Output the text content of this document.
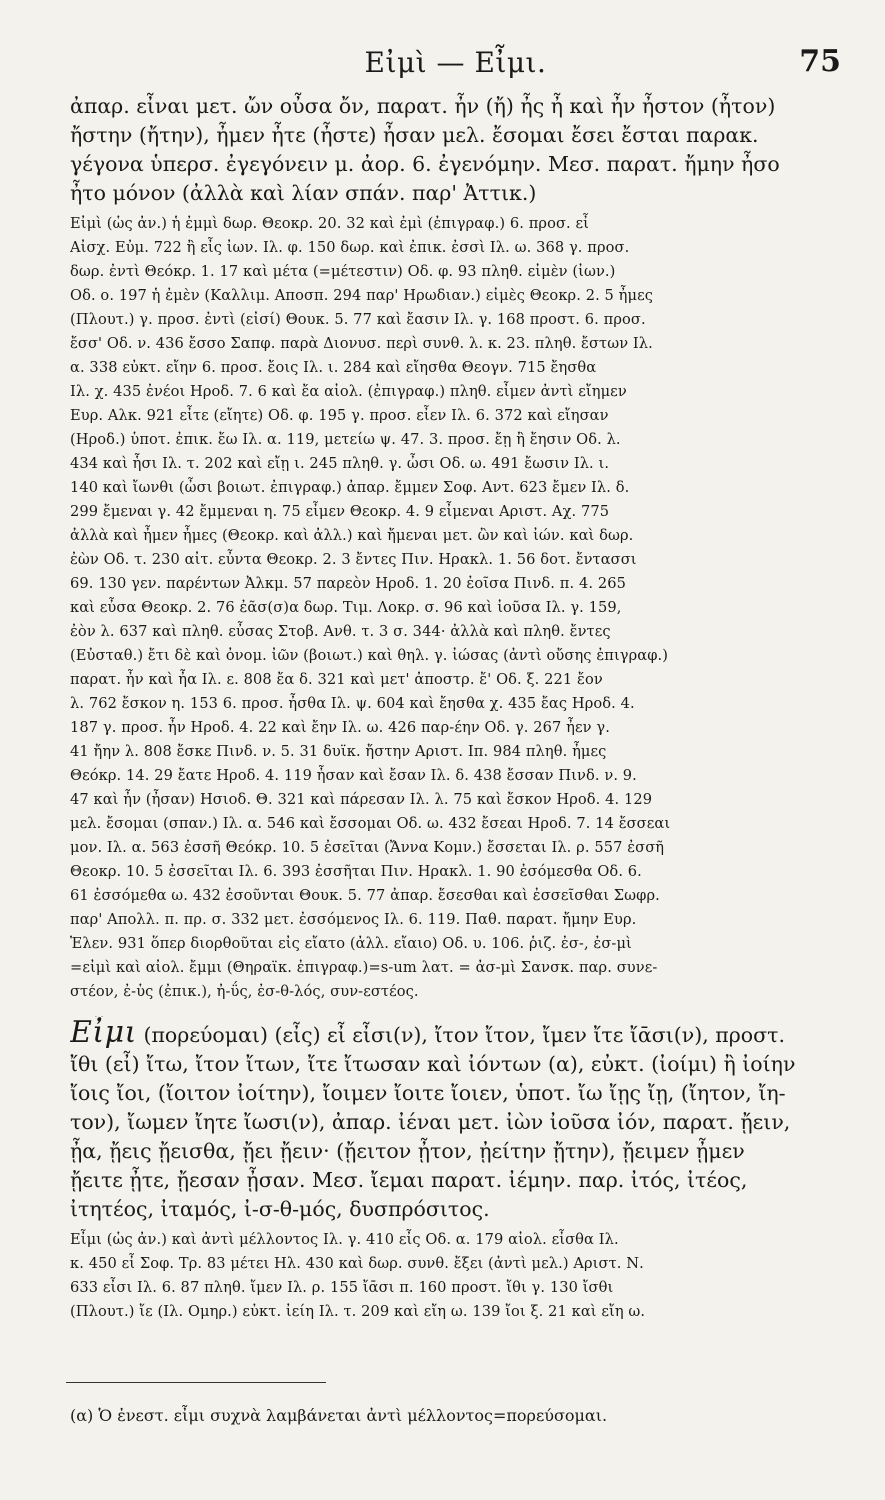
Εἰμὶ — Εἶμι.	75
ἀπαρ. εἶναι μετ. ὤν οὖσα ὄν, παρατ. ἦν (ἤ) ἦς ἦ καὶ ἦν ἦστον (ἦτον)
ἤστην (ἤτην), ἦμεν ἦτε (ἦστε) ἦσαν μελ. ἔσομαι ἔσει ἔσται παρακ.
γέγονα ὑπερσ. ἐγεγόνειν μ. ἀορ. 6. ἐγενόμην. Μεσ. παρατ. ἤμην ἦσο
ἦτο μόνον (ἀλλὰ καὶ λίαν σπάν. παρ' Ἀττικ.)
Εἰμὶ (ὡς ἀν.) ἡ ἐμμὶ δωρ. Θεοκρ. 20. 32 καὶ ἐμὶ (ἐπιγραφ.) 6. προσ. εἶ
Αἰσχ. Εὐμ. 722 ἢ εἶς ἰων. Ιλ. φ. 150 δωρ. καὶ ἐπικ. ἐσσὶ Ιλ. ω. 368 γ. προσ.
δωρ. ἐντὶ Θεόκρ. 1. 17 καὶ μέτα (=μέτεστιν) Οδ. φ. 93 πληθ. εἰμὲν (ἰων.)
Οδ. ο. 197 ἡ ἐμὲν (Καλλιμ. Αποσπ. 294 παρ' Ηρωδιαν.) εἰμὲς Θεοκρ. 2. 5 ἦμες
(Πλουτ.) γ. προσ. ἐντὶ (εἰσί) Θουκ. 5. 77 καὶ ἔασιν Ιλ. γ. 168 προστ. 6. προσ.
ἔσσ' Οδ. ν. 436 ἔσσο Σαπφ. παρὰ Διονυσ. περὶ συνθ. λ. κ. 23. πληθ. ἔστων Ιλ.
α. 338 εὐκτ. εἴην 6. προσ. ἔοις Ιλ. ι. 284 καὶ εἴησθα Θεογν. 715 ἔησθα
Ιλ. χ. 435 ἐνέοι Ηροδ. 7. 6 καὶ ἔα αἰολ. (ἐπιγραφ.) πληθ. εἶμεν ἀντὶ εἴημεν
Ευρ. Αλκ. 921 εἶτε (εἴητε) Οδ. φ. 195 γ. προσ. εἶεν Ιλ. 6. 372 καὶ εἴησαν
(Ηροδ.) ὑποτ. ἐπικ. ἔω Ιλ. α. 119, μετείω ψ. 47. 3. προσ. ἔῃ ἢ ἔησιν Οδ. λ.
434 καὶ ἧσι Ιλ. τ. 202 καὶ εἴῃ ι. 245 πληθ. γ. ὦσι Οδ. ω. 491 ἔωσιν Ιλ. ι.
140 καὶ ἴωνθι (ὦσι βοιωτ. ἐπιγραφ.) ἀπαρ. ἔμμεν Σοφ. Αντ. 623 ἔμεν Ιλ. δ.
299 ἔμεναι γ. 42 ἔμμεναι η. 75 εἶμεν Θεοκρ. 4. 9 εἶμεναι Αριστ. Αχ. 775
ἀλλὰ καὶ ἦμεν ἦμες (Θεοκρ. καὶ ἀλλ.) καὶ ἤμεναι μετ. ὢν καὶ ἰών. καὶ δωρ.
ἐὼν Οδ. τ. 230 αἰτ. εὖντα Θεοκρ. 2. 3 ἔντες Πιν. Ηρακλ. 1. 56 δοτ. ἔντασσι
69. 130 γεν. παρέντων Ἀλκμ. 57 παρεὸν Ηροδ. 1. 20 ἐοῖσα Πινδ. π. 4. 265
καὶ εὖσα Θεοκρ. 2. 76 ἐᾶσ(σ)α δωρ. Τιμ. Λοκρ. σ. 96 καὶ ἰοῦσα Ιλ. γ. 159,
ἐὸν λ. 637 καὶ πληθ. εὖσας Στοβ. Ανθ. τ. 3 σ. 344· ἀλλὰ καὶ πληθ. ἔντες
(Εὐσταθ.) ἔτι δὲ καὶ ὀνομ. ἰῶν (βοιωτ.) καὶ θηλ. γ. ἰώσας (ἀντὶ οὔσης ἐπιγραφ.)
παρατ. ἦν καὶ ἦα Ιλ. ε. 808 ἔα δ. 321 καὶ μετ' ἀποστρ. ἔ' Οδ. ξ. 221 ἔον
λ. 762 ἔσκον η. 153 6. προσ. ἦσθα Ιλ. ψ. 604 καὶ ἔησθα χ. 435 ἔας Ηροδ. 4.
187 γ. προσ. ἦν Ηροδ. 4. 22 καὶ ἔην Ιλ. ω. 426 παρ-έην Οδ. γ. 267 ἦεν γ.
41 ἤην λ. 808 ἔσκε Πινδ. ν. 5. 31 δυϊκ. ἤστην Αριστ. Ιπ. 984 πληθ. ἦμες
Θεόκρ. 14. 29 ἔατε Ηροδ. 4. 119 ἦσαν καὶ ἔσαν Ιλ. δ. 438 ἔσσαν Πινδ. ν. 9.
47 καὶ ἦν (ἦσαν) Ησιοδ. Θ. 321 καὶ πάρεσαν Ιλ. λ. 75 καὶ ἔσκον Ηροδ. 4. 129
μελ. ἔσομαι (σπαν.) Ιλ. α. 546 καὶ ἔσσομαι Οδ. ω. 432 ἔσεαι Ηροδ. 7. 14 ἔσσεαι
μον. Ιλ. α. 563 ἐσσῆ Θεόκρ. 10. 5 ἐσεῖται (Ἄννα Κομν.) ἔσσεται Ιλ. ρ. 557 ἐσσῆ
Θεοκρ. 10. 5 ἐσσεῖται Ιλ. 6. 393 ἐσσῆται Πιν. Ηρακλ. 1. 90 ἐσόμεσθα Οδ. 6.
61 ἐσσόμεθα ω. 432 ἐσοῦνται Θουκ. 5. 77 ἀπαρ. ἔσεσθαι καὶ ἐσσεῖσθαι Σωφρ.
παρ' Απολλ. π. πρ. σ. 332 μετ. ἐσσόμενος Ιλ. 6. 119. Παθ. παρατ. ἤμην Ευρ.
Ἑλεν. 931 ὅπερ διορθοῦται εἰς εἴατο (ἀλλ. εἴαιο) Οδ. υ. 106. ῥιζ. ἐσ-, ἐσ-μὶ
=εἰμὶ καὶ αἰολ. ἔμμι (Θηραϊκ. ἐπιγραφ.)=s-um λατ. = ἀσ-μὶ Σανσκ. παρ. συνε-
στέον, ἐ-ὑς (ἐπικ.), ἠ-ΰς, ἐσ-θ-λός, συν-εστέος.
Εἶμι (πορεύομαι) (εἶς) εἶ εἶσι(ν), ἴτον ἴτον, ἴμεν ἴτε ἴᾱσι(ν), προστ.
ἴθι (εἶ) ἴτω, ἴτον ἴτων, ἴτε ἴτωσαν καὶ ἰόντων (α), εὐκτ. (ἰοίμι) ἢ ἰοίην
ἴοις ἴοι, (ἴοιτον ἰοίτην), ἴοιμεν ἴοιτε ἴοιεν, ὑποτ. ἴω ἴῃς ἴῃ, (ἴητον, ἴη-
τον), ἴωμεν ἴητε ἴωσι(ν), ἀπαρ. ἰέναι μετ. ἰὼν ἰοῦσα ἰόν, παρατ. ᾔειν,
ᾖα, ᾔεις ᾔεισθα, ᾔει ᾔειν· (ᾔειτον ᾖτον, ᾐείτην ᾔτην), ᾔειμεν ᾖμεν
ᾔειτε ᾖτε, ᾔεσαν ᾖσαν. Μεσ. ἴεμαι παρατ. ἰέμην. παρ. ἰτός, ἰτέος,
ἰτητέος, ἰταμός, ἰ-σ-θ-μός, δυσπρόσιτος.
Εἶμι (ὡς ἀν.) καὶ ἀντὶ μέλλοντος Ιλ. γ. 410 εἶς Οδ. α. 179 αἰολ. εἶσθα Ιλ.
κ. 450 εἶ Σοφ. Τρ. 83 μέτει Ηλ. 430 καὶ δωρ. συνθ. ἔξει (ἀντὶ μελ.) Αριστ. Ν.
633 εἶσι Ιλ. 6. 87 πληθ. ἴμεν Ιλ. ρ. 155 ἴᾱσι π. 160 προστ. ἴθι γ. 130 ἴσθι
(Πλουτ.) ἴε (Ιλ. Ομηρ.) εὐκτ. ἰείη Ιλ. τ. 209 καὶ εἴη ω. 139 ἴοι ξ. 21 καὶ εἴη ω.
(α) Ὁ ἐνεστ. εἶμι συχνὰ λαμβάνεται ἀντὶ μέλλοντος=πορεύσομαι.
